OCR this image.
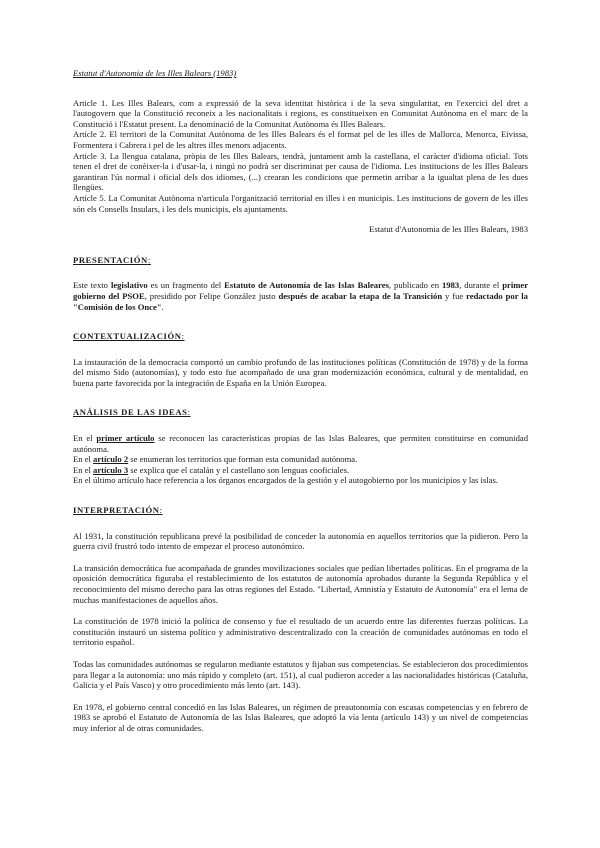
Estatut d'Autonomia de les Illes Balears (1983)

Article 1. Les Illes Balears, com a expressió de la seva identitat històrica i de la seva singularitat, en l'exercici del dret a l'autogovern que la Constitució reconeix a les nacionalitats i regions, es constitueixen en Comunitat Autònoma en el marc de la Constitució i l'Estatut present. La denominació de la Comunitat Autònoma és Illes Balears.

Article 2. El territori de la Comunitat Autònoma de les Illes Balears és el format pel de les illes de Mallorca, Menorca, Eivissa, Formentera i Cabrera i pel de les altres illes menors adjacents.

Article 3. La llengua catalana, pròpia de les Illes Balears, tendrà, juntament amb la castellana, el caràcter d'idioma oficial. Tots tenen el dret de conèixer-la i d'usar-la, i ningú no podrà ser discriminat per causa de l'idioma. Les institucions de les Illes Balears garantiran l'ús normal i oficial dels dos idiomes, (...) crearan les condicions que permetin arribar a la igualtat plena de les dues llengües.

Article 5. La Comunitat Autònoma n'articula l'organització territorial en illes i en municipis. Les institucions de govern de les illes són els Consells Insulars, i les dels municipis, els ajuntaments.

Estatut d'Autonomia de les Illes Balears, 1983

PRESENTACIÓN:

Este texto legislativo es un fragmento del Estatuto de Autonomía de las Islas Baleares, publicado en 1983, durante el primer gobierno del PSOE, presidido por Felipe González justo después de acabar la etapa de la Transición y fue redactado por la "Comisión de los Once".

CONTEXTUALIZACIÓN:

La instauración de la democracia comportó un cambio profundo de las instituciones políticas (Constitución de 1978) y de la forma del mismo Sido (autonomías), y todo esto fue acompañado de una gran modernización económica, cultural y de mentalidad, en buena parte favorecida por la integración de España en la Unión Europea.

ANÁLISIS DE LAS IDEAS:

En el primer artículo se reconocen las características propias de las Islas Baleares, que permiten constituirse en comunidad autónoma.

En el artículo 2 se enumeran los territorios que forman esta comunidad autónoma.

En el artículo 3 se explica que el catalán y el castellano son lenguas cooficiales.

En el último artículo hace referencia a los órganos encargados de la gestión y el autogobierno por los municipios y las islas.

INTERPRETACIÓN:

Al 1931, la constitución republicana prevé la posibilidad de conceder la autonomía en aquellos territorios que la pidieron. Pero la guerra civil frustró todo intento de empezar el proceso autonómico.

La transición democrática fue acompañada de grandes movilizaciones sociales que pedían libertades políticas. En el programa de la oposición democrática figuraba el restablecimiento de los estatutos de autonomía aprobados durante la Segunda República y el reconocimiento del mismo derecho para las otras regiones del Estado. "Libertad, Amnistía y Estatuto de Autonomía" era el lema de muchas manifestaciones de aquellos años.

La constitución de 1978 inició la política de consenso y fue el resultado de un acuerdo entre las diferentes fuerzas políticas. La constitución instauró un sistema político y administrativo descentralizado con la creación de comunidades autónomas en todo el territorio español.

Todas las comunidades autónomas se regularon mediante estatutos y fijaban sus competencias. Se establecieron dos procedimientos para llegar a la autonomía: uno más rápido y completo (art. 151), al cual pudieron acceder a las nacionalidades históricas (Cataluña, Galicia y el País Vasco) y otro procedimiento más lento (art. 143).

En 1978, el gobierno central concedió en las Islas Baleares, un régimen de preautonomía con escasas competencias y en febrero de 1983 se aprobó el Estatuto de Autonomía de las Islas Baleares, que adoptó la vía lenta (artículo 143) y un nivel de competencias muy inferior al de otras comunidades.
